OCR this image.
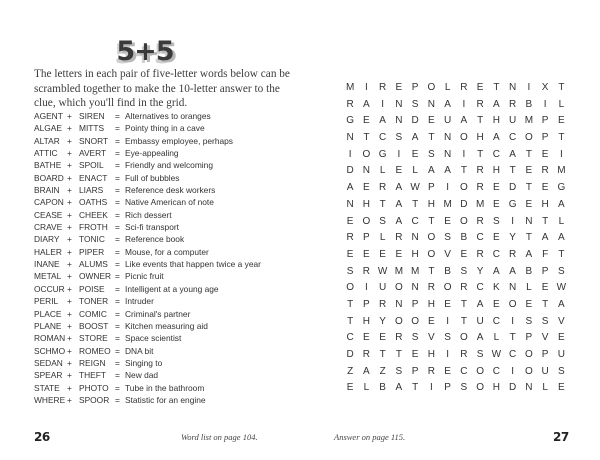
5+5
The letters in each pair of five-letter words below can be scrambled together to make the 10-letter answer to the clue, which you'll find in the grid.
AGENT + SIREN = Alternatives to oranges
ALGAE + MITTS = Pointy thing in a cave
ALTAR + SNORT = Embassy employee, perhaps
ATTIC + AVERT = Eye-appealing
BATHE + SPOIL = Friendly and welcoming
BOARD + ENACT = Full of bubbles
BRAIN + LIARS = Reference desk workers
CAPON + OATHS = Native American of note
CEASE + CHEEK = Rich dessert
CRAVE + FROTH = Sci-fi transport
DIARY + TONIC = Reference book
HALER + PIPER = Mouse, for a computer
INANE + ALUMS = Like events that happen twice a year
METAL + OWNER = Picnic fruit
OCCUR + POISE = Intelligent at a young age
PERIL + TONER = Intruder
PLACE + COMIC = Criminal's partner
PLANE + BOOST = Kitchen measuring aid
ROMAN + STORE = Space scientist
SCHMO + ROMEO = DNA bit
SEDAN + REIGN = Singing to
SPEAR + THEFT = New dad
STATE + PHOTO = Tube in the bathroom
WHERE + SPOOR = Statistic for an engine
26	Word list on page 104.
M	I	R E P O L R E T N	I	X T
R A	I	N S N A	I	R A R B	I	L
G E A N D E U A T H U M P E
N T C S A T N O H A C O P T
I	O G	I	E S N	I	T C A T E	I
D N L	E	L	A A T R H T E R M
A E R A W P	I	O R E D T E G
N H T A T H M D M E G E H A
E O S A C T E O R S	I	N T	L
R P	L R N O S B C E Y T A A
E E E E H O V E R C R A F	T
S R W M M T B S Y A A B P S
O	I	U O N R O R C K N L	E W
T P R N P H E T A E O E T A
T H Y O O E	I	T U C	I	S S V
C E E R S V S O A	L	T P V E
D R T	T E H	I	R S W C O P U
Z A Z S P R E C O C	I	O U S
E	L	B A T	I	P S O H D N L	E
Answer on page 115.	27
